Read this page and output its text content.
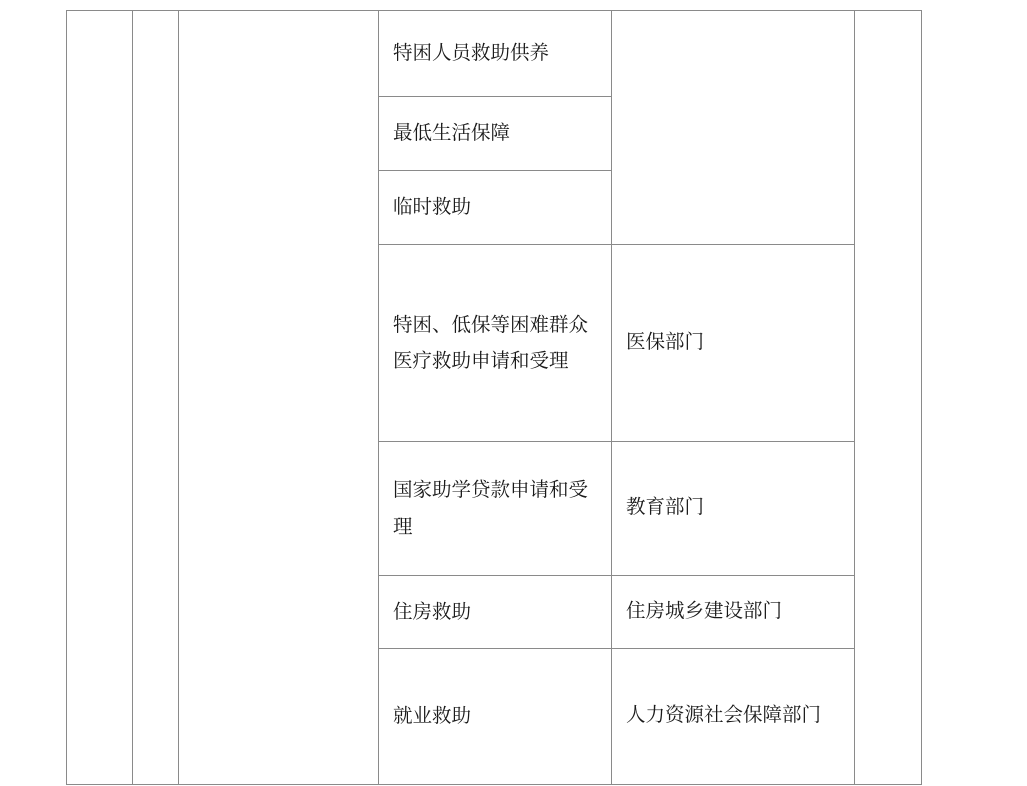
			特困人员救助供养		

			最低生活保障		

			临时救助		

			特困、低保等困难群众医疗救助申请和受理	医保部门	

			国家助学贷款申请和受理	教育部门	

			住房救助	住房城乡建设部门	

			就业救助	人力资源社会保障部门	
